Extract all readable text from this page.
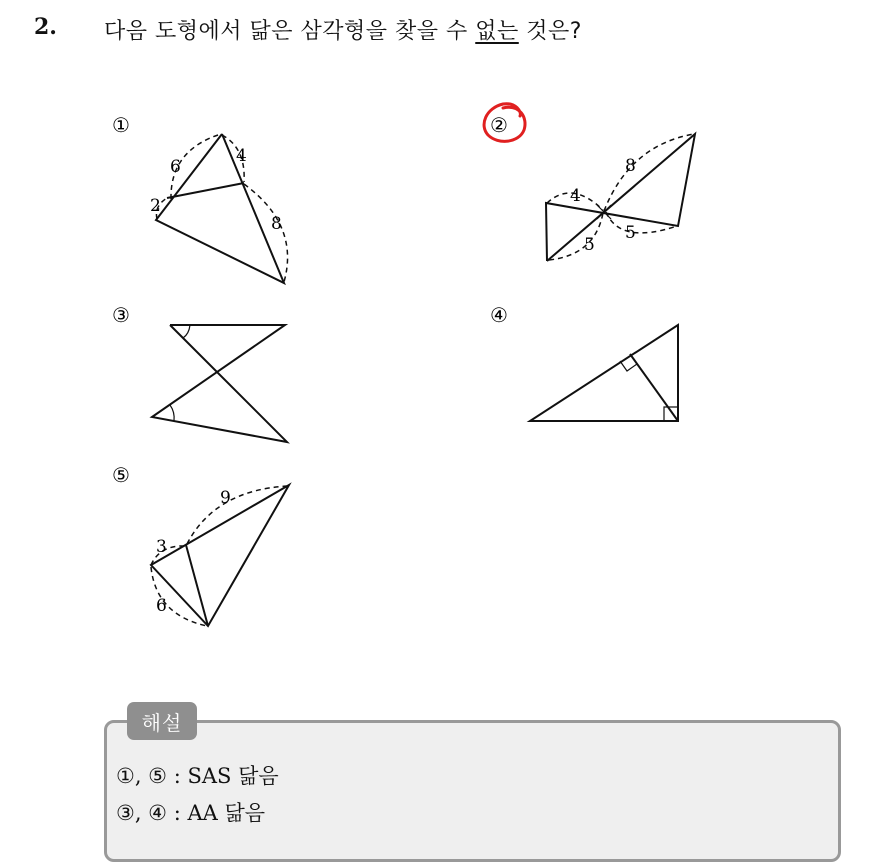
2. 다음 도형에서 닮은 삼각형을 찾을 수 없는 것은?
①
6
4
2
8
②
8
4
5
5
③	④
⑤
9
3
6
해설
①, ⑤ : SAS 닮음
③, ④ : AA 닮음
